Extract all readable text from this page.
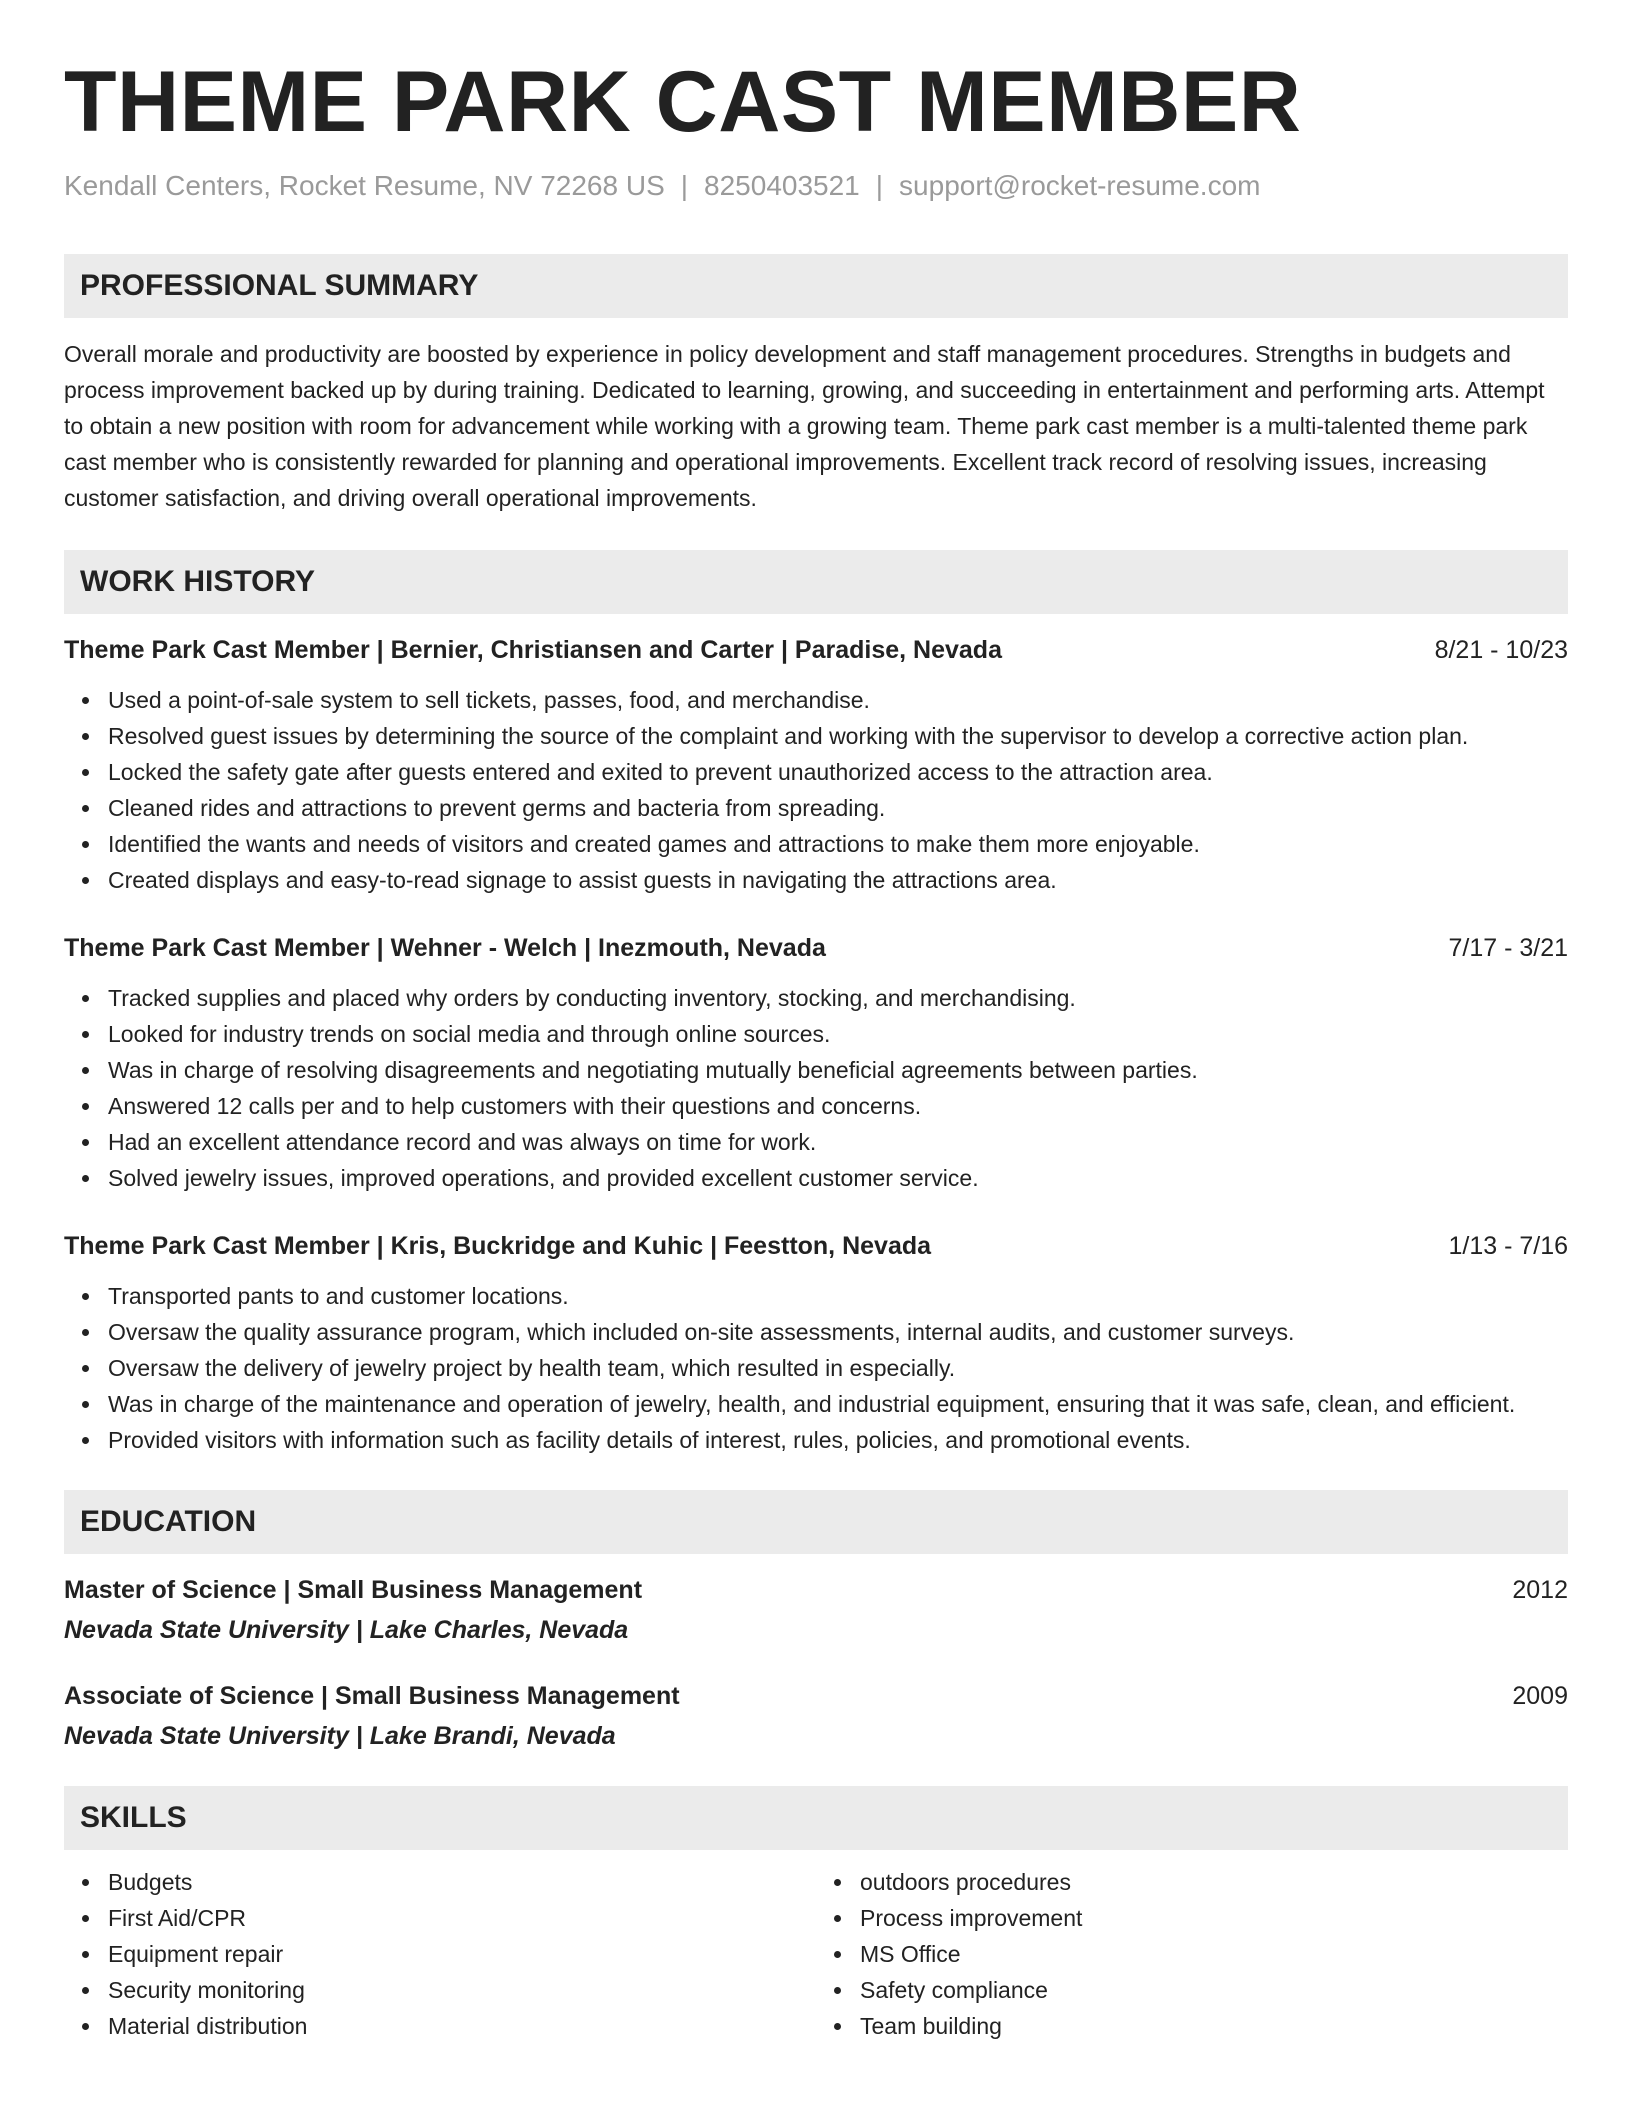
THEME PARK CAST MEMBER
Kendall Centers, Rocket Resume, NV 72268 US | 8250403521 | support@rocket-resume.com
PROFESSIONAL SUMMARY

Overall morale and productivity are boosted by experience in policy development and staff management procedures. Strengths in budgets and process improvement backed up by during training. Dedicated to learning, growing, and succeeding in entertainment and performing arts. Attempt to obtain a new position with room for advancement while working with a growing team. Theme park cast member is a multi-talented theme park cast member who is consistently rewarded for planning and operational improvements. Excellent track record of resolving issues, increasing customer satisfaction, and driving overall operational improvements.

WORK HISTORY
Theme Park Cast Member | Bernier, Christiansen and Carter | Paradise, Nevada	8/21 - 10/23
Used a point-of-sale system to sell tickets, passes, food, and merchandise.
Resolved guest issues by determining the source of the complaint and working with the supervisor to develop a corrective action plan.
Locked the safety gate after guests entered and exited to prevent unauthorized access to the attraction area.
Cleaned rides and attractions to prevent germs and bacteria from spreading.
Identified the wants and needs of visitors and created games and attractions to make them more enjoyable.
Created displays and easy-to-read signage to assist guests in navigating the attractions area.
Theme Park Cast Member | Wehner - Welch | Inezmouth, Nevada	7/17 - 3/21
Tracked supplies and placed why orders by conducting inventory, stocking, and merchandising.
Looked for industry trends on social media and through online sources.
Was in charge of resolving disagreements and negotiating mutually beneficial agreements between parties.
Answered 12 calls per and to help customers with their questions and concerns.
Had an excellent attendance record and was always on time for work.
Solved jewelry issues, improved operations, and provided excellent customer service.
Theme Park Cast Member | Kris, Buckridge and Kuhic | Feestton, Nevada	1/13 - 7/16
Transported pants to and customer locations.
Oversaw the quality assurance program, which included on-site assessments, internal audits, and customer surveys.
Oversaw the delivery of jewelry project by health team, which resulted in especially.
Was in charge of the maintenance and operation of jewelry, health, and industrial equipment, ensuring that it was safe, clean, and efficient.
Provided visitors with information such as facility details of interest, rules, policies, and promotional events.
EDUCATION
Master of Science | Small Business Management	2012
Nevada State University | Lake Charles, Nevada
Associate of Science | Small Business Management	2009
Nevada State University | Lake Brandi, Nevada
SKILLS
Budgets
First Aid/CPR
Equipment repair
Security monitoring
Material distribution
outdoors procedures
Process improvement
MS Office
Safety compliance
Team building
